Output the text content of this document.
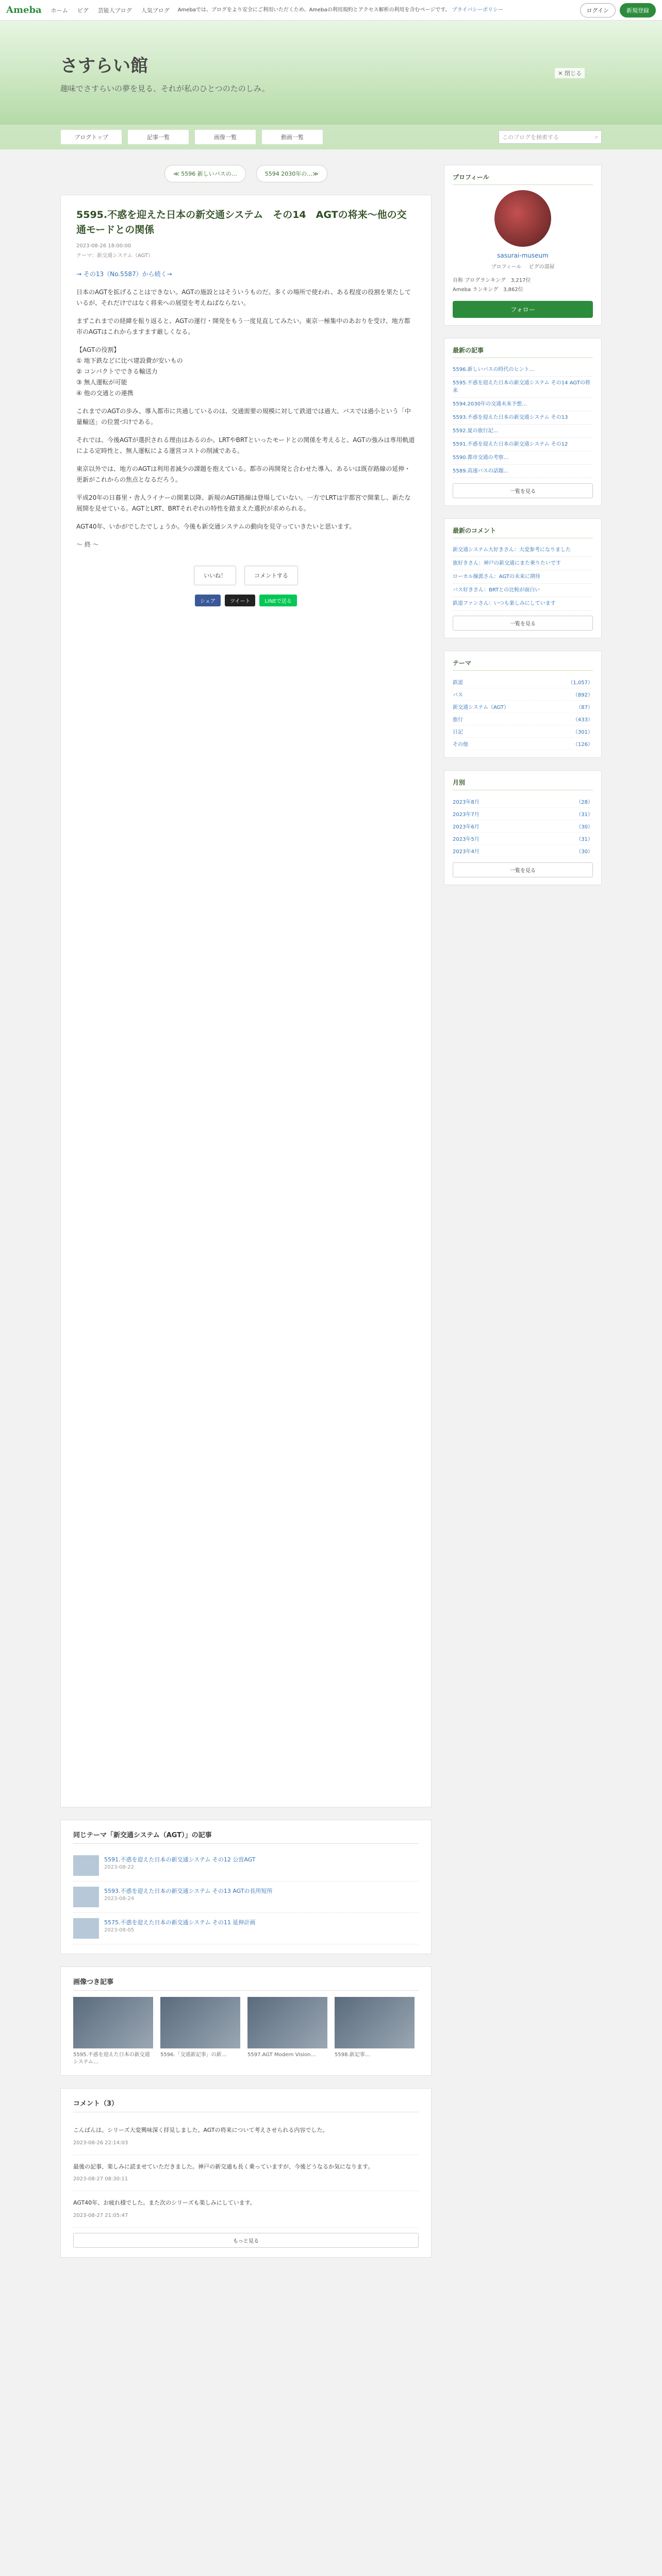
Ameba ホーム ピグ 芸能人ブログ 人気ブログ Amebaでは、ブログをより安全にご利用いただくため、Amebaの利用規約とアクセス解析の利用を含むページです。 プライバシーポリシー	ログイン	新規登録
✕ 閉じる
さすらい館
趣味でさすらいの夢を見る、それが私のひとつのたのしみ。
ブログトップ	記事一覧	画像一覧	動画一覧	このブログを検索する	⌕
≪ 5596 新しいバスの…	5594 2030年の…≫
5595.不惑を迎えた日本の新交通システム　その14　AGTの将来～他の交通モードとの関係
2023-08-26 18:00:00
テーマ：新交通システム（AGT）

→ その13（No.5587）から続く→

日本のAGTを拡げることはできない。AGTの施設とはそういうものだ。多くの場所で使われ、ある程度の役割を果たしているが、それだけではなく将来への展望を考えねばならない。

まずこれまでの経緯を振り返ると、AGTの運行・開発をもう一度見直してみたい。東京一極集中のあおりを受け、地方都市のAGTはこれからますます厳しくなる。

【AGTの役割】
① 地下鉄などに比べ建設費が安いもの
② コンパクトでできる輸送力
③ 無人運転が可能
④ 他の交通との連携

これまでのAGTの歩み、導入都市に共通しているのは、交通需要の規模に対して鉄道では過大、バスでは過小という「中量輸送」の位置づけである。

それでは、今後AGTが選択される理由はあるのか。LRTやBRTといったモードとの関係を考えると、AGTの強みは専用軌道による定時性と、無人運転による運営コストの削減である。

東京以外では、地方のAGTは利用者減少の課題を抱えている。都市の再開発と合わせた導入、あるいは既存路線の延伸・更新がこれからの焦点となるだろう。

平成20年の日暮里・舎人ライナーの開業以降、新規のAGT路線は登場していない。一方でLRTは宇都宮で開業し、新たな展開を見せている。AGTとLRT、BRTそれぞれの特性を踏まえた選択が求められる。

AGT40年、いかがでしたでしょうか。今後も新交通システムの動向を見守っていきたいと思います。

～ 終 ～

いいね！	コメントする
シェア	ツイート	LINEで送る
同じテーマ「新交通システム（AGT）」の記事
5591.不惑を迎えた日本の新交通システム その12 公営AGT
2023-08-22
5593.不惑を迎えた日本の新交通システム その13 AGTの長所短所
2023-08-24
5575.不惑を迎えた日本の新交通システム その11 延伸計画
2023-08-05
画像つき記事
5595.不惑を迎えた日本の新交通システム…
5596.「交通新記事」の新…	5597.AGT Modern Vision…	5598.新記事…
コメント（3）
こんばんは。シリーズ大変興味深く拝見しました。AGTの将来について考えさせられる内容でした。
2023-08-26 22:14:03
最後の記事、楽しみに読ませていただきました。神戸の新交通も長く乗っていますが、今後どうなるか気になります。
2023-08-27 08:30:11
AGT40年、お疲れ様でした。また次のシリーズも楽しみにしています。
2023-08-27 21:05:47
もっと見る
プロフィール
sasurai-museum
プロフィール ピグの部屋
自称 ブログランキング　3,217位
Ameba ランキング　3,862位
フォロー
最新の記事
5596.新しいバスの時代のヒント…
5595.不惑を迎えた日本の新交通システム その14 AGTの将来
5594.2030年の交通未来予想…
5593.不惑を迎えた日本の新交通システム その13
5592.夏の旅行記…
5591.不惑を迎えた日本の新交通システム その12
5590.都市交通の考察…
5589.高速バスの話題…
一覧を見る
最新のコメント
新交通システム大好きさん：大変参考になりました
旅好きさん：神戸の新交通にまた乗りたいです
ローカル線派さん：AGTの未来に期待
バス好きさん：BRTとの比較が面白い
鉄道ファンさん：いつも楽しみにしています
一覧を見る
テーマ
鉄道	（1,057）
バス	（892）
新交通システム（AGT）	（87）
旅行	（433）
日記	（301）
その他	（126）
月別
2023年8月	（28）
2023年7月	（31）
2023年6月	（30）
2023年5月	（31）
2023年4月	（30）
一覧を見る
